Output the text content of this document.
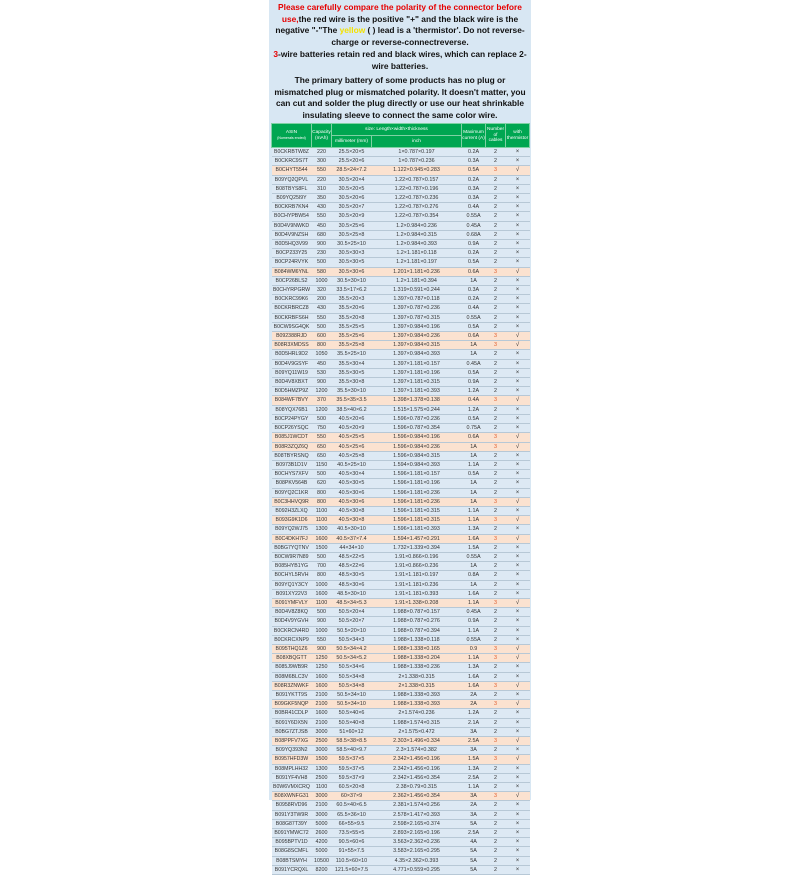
Please carefully compare the polarity of the connector before use,the red wire is the positive "+" and the black wire is the negative "-"The yellow ( ) lead is a 'thermistor'. Do not reverse-charge or reverse-connectreverse.
3-wire batteries retain red and black wires, which can replace 2-wire batteries.
The primary battery of some products has no plug or mismatched plug or mismatched polarity. It doesn't matter, you can cut and solder the plug directly or use our heat shrinkable insulating sleeve to connect the same color wire.
ASIN
(Numerals ended)	Capacity (mAh)	size: Length×width×thickness		Maximum current (A)	Number of cables	with thermistor
		millimeter (mm)	inch			
B0CKRBTW8Z	220	25.5×20×5	1×0.787×0.197	0.2A	2	×
B0CKRC9S7T	300	25.5×20×6	1×0.787×0.236	0.3A	2	×
B0CHYT5544	550	28.5×24×7.2	1.122×0.945×0.283	0.5A	3	√
B09YQ2QPVL	220	30.5×20×4	1.22×0.787×0.157	0.2A	2	×
B08TBYS8FL	310	30.5×20×5	1.22×0.787×0.196	0.3A	2	×
B09YQ25I9Y	350	30.5×20×6	1.22×0.787×0.236	0.3A	2	×
B0CKRB7KN4	430	30.5×20×7	1.22×0.787×0.276	0.4A	2	×
B0CHYPBW54	550	30.5×20×9	1.22×0.787×0.354	0.55A	2	×
B0D4V9NWKD	450	30.5×25×6	1.2×0.984×0.236	0.45A	2	×
B0D4V9NZSH	680	30.5×25×8	1.2×0.984×0.315	0.68A	2	×
B0D5HQ3V99	900	30.5×25×10	1.2×0.984×0.393	0.9A	2	×
B0CP233Y25	230	30.5×30×3	1.2×1.181×0.118	0.2A	2	×
B0CP24RVYK	500	30.5×30×5	1.2×1.181×0.197	0.5A	2	×
B084WM6YNL	580	30.5×30×6	1.201×1.181×0.236	0.6A	3	√
B0CP26BLS2	1000	30.5×30×10	1.2×1.181×0.394	1A	2	×
B0CHYRPGRW	320	33.5×17×6.2	1.319×0.591×0.244	0.3A	2	×
B0CKRC99K6	200	35.5×20×3	1.397×0.787×0.118	0.2A	2	×
B0CKRBRCZ8	430	35.5×20×6	1.397×0.787×0.236	0.4A	2	×
B0CKRBFS6H	550	35.5×20×8	1.397×0.787×0.315	0.55A	2	×
B0CW9SG4QK	500	35.5×25×5	1.397×0.984×0.196	0.5A	2	×
B092388RJD	600	35.5×25×6	1.397×0.984×0.236	0.6A	3	√
B08R3XMDSS	800	35.5×25×8	1.397×0.984×0.315	1A	3	√
B0D5HRL9D2	1050	35.5×25×10	1.397×0.984×0.393	1A	2	×
B0D4V9GSYF	450	35.5×30×4	1.397×1.181×0.157	0.45A	2	×
B09YQ11W19	530	35.5×30×5	1.397×1.181×0.196	0.5A	2	×
B0D4V8XBXT	900	35.5×30×8	1.397×1.181×0.315	0.9A	2	×
B0D5HMZP9Z	1200	35.5×30×10	1.397×1.181×0.393	1.2A	2	×
B084WF7BVY	370	35.5×35×3.5	1.398×1.378×0.138	0.4A	3	√
B08YQX76B1	1200	38.5×40×6.2	1.515×1.575×0.244	1.2A	2	×
B0CP24PYGY	500	40.5×20×6	1.596×0.787×0.236	0.5A	2	×
B0CP26YSQC	750	40.5×20×9	1.596×0.787×0.354	0.75A	2	×
B085J1WCDT	550	40.5×25×5	1.596×0.984×0.196	0.6A	3	√
B08R3ZQZ6Q	650	40.5×25×6	1.596×0.984×0.236	1A	3	√
B08TBYRSNQ	650	40.5×25×8	1.596×0.984×0.315	1A	2	×
B0973B1D1V	1150	40.5×25×10	1.594×0.984×0.393	1.1A	2	×
B0CHYS7XFV	500	40.5×30×4	1.596×1.181×0.157	0.5A	2	×
B08PKV564B	620	40.5×30×5	1.596×1.181×0.196	1A	2	×
B09YQ2C1KR	800	40.5×30×6	1.596×1.181×0.236	1A	2	×
B0C3HHVQ9R	800	40.5×30×6	1.596×1.181×0.236	1A	3	√
B092H3ZLXQ	1100	40.5×30×8	1.596×1.181×0.315	1.1A	2	×
B093G9K1D6	1100	40.5×30×8	1.596×1.181×0.315	1.1A	3	√
B09YQ2WJ75	1300	40.5×30×10	1.596×1.181×0.393	1.3A	2	×
B0C4DKH7FJ	1600	40.5×37×7.4	1.594×1.457×0.291	1.6A	3	√
B0BG7YQTNV	1500	44×34×10	1.732×1.339×0.394	1.5A	2	×
B0CW9R7N89	500	48.5×22×5	1.91×0.866×0.196	0.55A	2	×
B085HYB1YG	700	48.5×22×6	1.91×0.866×0.236	1A	2	×
B0CHYL5RVH	800	48.5×30×5	1.91×1.181×0.197	0.8A	2	×
B09YQ1Y3CY	1000	48.5×30×6	1.91×1.181×0.236	1A	2	×
B091XY22V3	1600	48.5×30×10	1.91×1.181×0.393	1.6A	2	×
B091YMFVLY	1100	48.5×34×5.3	1.91×1.338×0.208	1.1A	3	√
B0D4V8Z8KQ	500	50.5×20×4	1.988×0.787×0.157	0.45A	2	×
B0D4V9YGVH	900	50.5×20×7	1.988×0.787×0.276	0.9A	2	×
B0CKRCN4RD	1000	50.5×20×10	1.988×0.787×0.394	1.1A	2	×
B0CKRCXNP9	550	50.5×34×3	1.988×1.338×0.118	0.55A	2	×
B095THQ1Z6	900	50.5×34×4.2	1.988×1.338×0.165	0.9	3	√
B08XBQGTT	1250	50.5×34×5.2	1.988×1.338×0.204	1.1A	3	√
B085J9WB9R	1250	50.5×34×6	1.988×1.338×0.236	1.3A	2	×
B08M6BLC3V	1600	50.5×34×8	2×1.338×0.315	1.6A	2	×
B08R3ZNWKF	1600	50.5×34×8	2×1.338×0.315	1.6A	3	√
B091YKTT9S	2100	50.5×34×10	1.988×1.338×0.393	2A	2	×
B09GKF5NQP	2100	50.5×34×10	1.988×1.338×0.393	2A	3	√
B0BR41CDLP	1600	50.5×40×6	2×1.574×0.236	1.2A	2	×
B091Y6DX5N	2100	50.5×40×8	1.988×1.574×0.315	2.1A	2	×
B0BG7ZTJSB	3000	51×60×12	2×1.575×0.472	3A	2	×
B08PPFV7XG	2500	58.5×38×8.5	2.303×1.496×0.334	2.5A	3	√
B09YQ393N2	3000	58.5×40×9.7	2.3×1.574×0.382	3A	2	×
B0957HFD3W	1500	59.5×37×5	2.342×1.456×0.196	1.5A	3	√
B08MPLHH32	1300	59.5×37×5	2.342×1.456×0.196	1.3A	2	×
B091YF4VH8	2500	59.5×37×9	2.342×1.456×0.354	2.5A	2	×
B0W6VMXCRQ	1100	60.5×20×8	2.38×0.79×0.315	1.1A	2	×
B08XWNFG31	3000	60×37×9	2.362×1.456×0.354	3A	3	√
B0958RVD96	2100	60.5×40×6.5	2.381×1.574×0.256	2A	2	×
B091Y3TW9R	3000	65.5×36×10	2.578×1.417×0.393	3A	2	×
B08G87T39Y	5000	66×55×9.5	2.598×2.165×0.374	5A	2	×
B091YMWC72	2600	73.5×55×5	2.893×2.165×0.196	2.5A	2	×
B095BPTV1D	4200	90.5×60×6	3.563×2.362×0.236	4A	2	×
B08G8SCMFL	5000	91×55×7.5	3.583×2.165×0.295	5A	2	×
B08BTSMYH	10500	110.5×60×10	4.35×2.362×0.393	5A	2	×
B091YCRQXL	8200	121.5×60×7.5	4.771×0.559×0.295	5A	2	×
